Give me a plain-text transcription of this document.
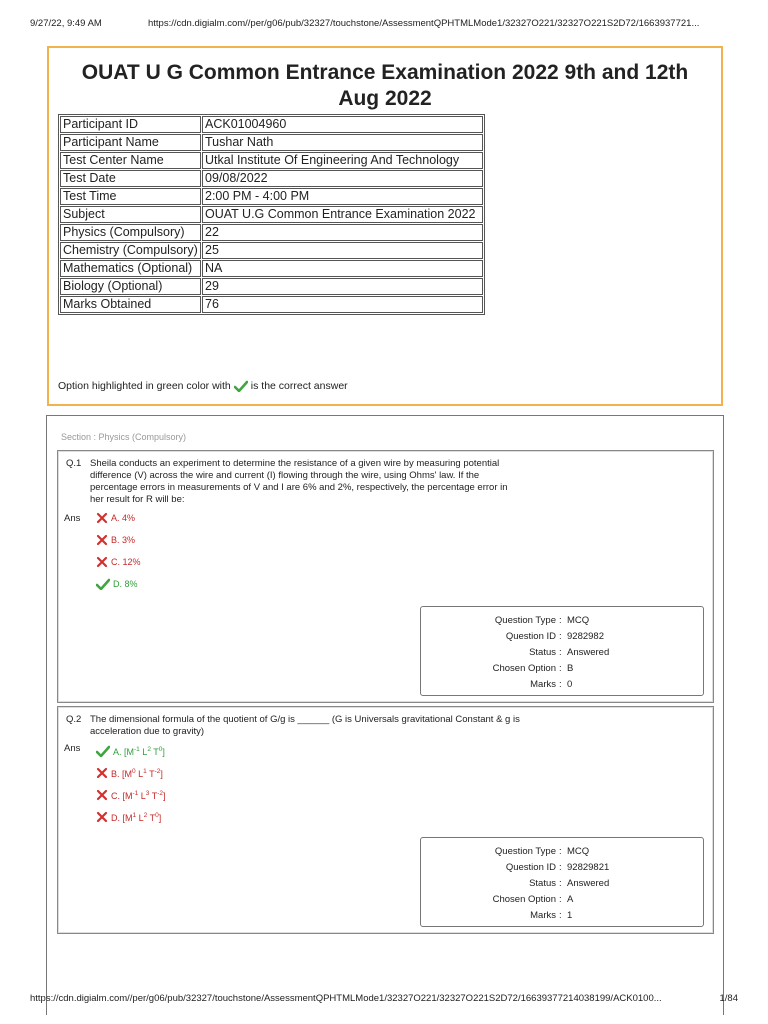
9/27/22, 9:49 AM	https://cdn.digialm.com//per/g06/pub/32327/touchstone/AssessmentQPHTMLMode1/32327O221/32327O221S2D72/1663937721...
OUAT U G Common Entrance Examination 2022 9th and 12th Aug 2022
Participant ID	ACK01004960
Participant Name	Tushar Nath
Test Center Name	Utkal Institute Of Engineering And Technology
Test Date	09/08/2022
Test Time	2:00 PM - 4:00 PM
Subject	OUAT U.G Common Entrance Examination 2022
Physics (Compulsory)	22
Chemistry (Compulsory)	25
Mathematics (Optional)	NA
Biology (Optional)	29
Marks Obtained	76
Option highlighted in green color with is the correct answer
Section : Physics (Compulsory)
Q.1 Sheila conducts an experiment to determine the resistance of a given wire by measuring potential difference (V) across the wire and current (I) flowing through the wire, using Ohms' law. If the percentage errors in measurements of V and I are 6% and 2%, respectively, the percentage error in her result for R will be:
Ans	A. 4%
B. 3%
C. 12%
D. 8%
Question Type : MCQ
Question ID : 9282982
Status : Answered
Chosen Option : B
Marks : 0
Q.2 The dimensional formula of the quotient of G/g is ______ (G is Universals gravitational Constant & g is acceleration due to gravity)
Ans	A. [$M^{-1}$ $L^2$ $T^0$]
B. [$M^0$ $L^1$ $T^{-2}$]
C. [$M^{-1}$ $L^3$ $T^{-2}$]
D. [$M^1$ $L^2$ $T^0$]
Question Type : MCQ
Question ID : 92829821
Status : Answered
Chosen Option : A
Marks : 1
https://cdn.digialm.com//per/g06/pub/32327/touchstone/AssessmentQPHTMLMode1/32327O221/32327O221S2D72/16639377214038199/ACK0100...	1/84
